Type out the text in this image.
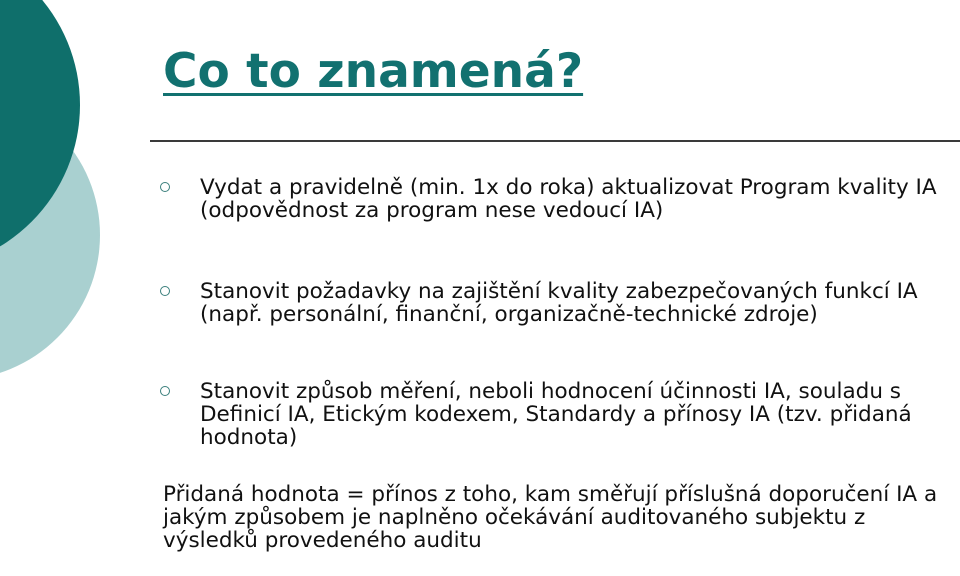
Co to znamená?
Vydat a pravidelně (min. 1x do roka) aktualizovat Program kvality IA (odpovědnost za program nese vedoucí IA)
Stanovit požadavky na zajištění kvality zabezpečovaných funkcí IA (např. personální, finanční, organizačně-technické zdroje)
Stanovit způsob měření, neboli hodnocení účinnosti IA, souladu s Definicí IA, Etickým kodexem, Standardy a přínosy IA (tzv. přidaná hodnota)

Přidaná hodnota = přínos z toho, kam směřují příslušná doporučení IA a jakým způsobem je naplněno očekávání auditovaného subjektu z výsledků provedeného auditu
